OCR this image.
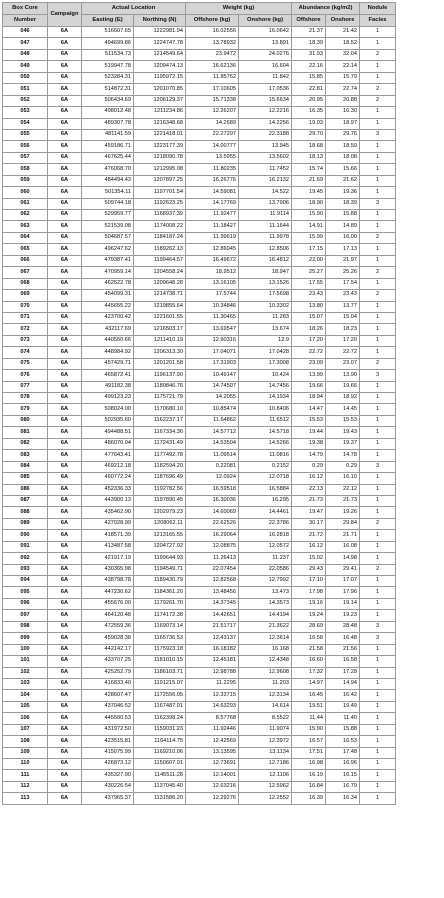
Box Core	Campaign	Actual Location		Weight (kg)		Abundance (kg/m2)		Nodule
Number		Easting (E)	Northing (N)	Offshore (kg)	Onshore (kg)	Offshore	Onshore	Facies
046	6A	516607.65	1222981.94	16.02556	16.0642	21.37	21.42	1
047	6A	494699.86	1224747.78	13.78932	13.891	18.39	18.52	1
048	6A	511534.73	1214549.64	23.9472	24.0276	31.93	32.04	2
049	6A	519947.78	1209474.13	16.62136	16.604	22.16	22.14	1
050	6A	523284.31	1195972.15	11.85762	11.842	15.85	15.79	1
051	6A	514872.31	1201070.85	17.10605	17.0536	22.81	22.74	2
052	6A	506434.69	1206129.37	15.71338	15.6634	20.95	20.88	2
053	6A	498012.48	1211234.86	12.26207	12.2216	16.35	16.30	1
054	6A	489307.78	1216348.68	14.2689	14.2256	19.03	18.97	1
055	6A	481141.59	1221418.01	22.27297	22.3188	29.70	29.76	3
056	6A	459186.71	1223177.39	14.00777	13.945	18.68	18.59	1
057	6A	467625.44	1218090.78	13.5955	13.5602	18.13	18.08	1
058	6A	476068.70	1212995.08	11.80235	11.7452	15.74	15.66	1
059	6A	484494.43	1207897.25	16.26776	16.2132	21.69	21.62	1
060	6A	501354.11	1197701.54	14.59081	14.522	19.45	19.36	1
061	6A	509744.18	1192623.25	14.17769	13.7906	18.90	18.39	3
062	6A	529959.77	1168937.39	11.92477	11.9114	15.90	15.88	1
063	6A	521539.08	1174008.22	11.18427	11.1644	14.91	14.89	1
064	6A	504687.57	1184187.24	11.99619	11.9978	15.99	16.00	2
065	6A	496247.62	1189262.13	12.86045	12.8506	17.15	17.13	1
066	6A	479387.41	1199464.57	16.49672	16.4812	22.00	21.97	1
067	6A	470959.14	1204558.24	18.9512	18.947	25.27	25.26	2
068	6A	462522.78	1209648.28	13.16105	13.1526	17.55	17.54	1
069	6A	454099.31	1214738.71	17.5744	17.5698	23.43	23.43	2
070	6A	445655.22	1219855.64	10.34846	10.3302	13.80	13.77	1
071	6A	423700.42	1221601.55	11.30465	11.283	15.07	15.04	1
072	6A	432117.69	1216503.17	13.69547	13.674	18.26	18.23	1
073	6A	440560.66	1211410.19	12.90316	12.9	17.20	17.20	1
074	6A	448984.92	1206313.30	17.04071	17.0428	22.72	22.72	1
075	6A	457429.71	1201201.58	17.31903	17.3008	23.09	23.07	2
076	6A	465872.41	1196137.90	10.49147	10.424	13.99	13.90	3
077	6A	491182.38	1180846.76	14.74507	14.7456	19.66	19.66	1
078	6A	499123.23	1175721.79	14.2055	14.1934	18.94	18.92	1
079	6A	508024.00	1170680.10	10.85474	10.8406	14.47	14.45	1
080	6A	502935.60	1162237.17	11.64862	11.6512	15.53	15.53	1
081	6A	494488.51	1167334.36	14.57712	14.5718	19.44	19.43	1
082	6A	486070.94	1172431.49	14.53504	14.5266	19.38	19.37	1
083	6A	477643.41	1177492.78	11.09514	11.0816	14.79	14.78	1
084	6A	469212.18	1182594.20	0.22081	0.2152	0.29	0.29	3
085	6A	460772.24	1187696.49	12.0924	12.0718	16.12	16.10	1
086	6A	452336.33	1192782.56	16.59518	16.5884	22.13	22.12	1
087	6A	443900.13	1197890.45	16.30036	16.295	21.73	21.73	1
088	6A	435462.90	1202979.23	14.60069	14.4461	19.47	19.26	1
089	6A	427028.99	1208062.11	22.62526	22.3786	30.17	29.84	2
090	6A	418571.39	1213165.55	16.29064	16.2818	21.72	21.71	1
091	6A	413487.58	1204727.92	12.08875	12.0572	16.12	16.08	1
092	6A	421917.19	1199644.93	11.26413	11.237	15.02	14.98	1
093	6A	430365.98	1194549.71	22.07454	22.0586	29.43	29.41	2
094	6A	438798.78	1189430.79	12.82568	12.7992	17.10	17.07	1
095	6A	447230.62	1184361.20	13.48456	13.473	17.98	17.96	1
096	6A	455676.00	1179261.70	14.37345	14.3573	19.16	19.14	1
097	6A	464120.48	1174172.38	14.42651	14.4194	19.24	19.23	1
098	6A	472559.36	1169073.14	21.51717	21.3622	28.69	28.48	3
099	6A	459028.38	1165736.53	12.43137	12.3614	16.58	16.48	3
100	6A	442142.17	1175923.18	16.18182	16.168	21.58	21.56	1
101	6A	433707.25	1181010.15	12.45181	12.4348	16.60	16.58	1
102	6A	425252.79	1186103.71	12.98788	12.9608	17.32	17.28	1
103	6A	416833.40	1191215.07	11.2295	11.203	14.97	14.94	1
104	6A	428607.47	1172556.05	12.33715	12.3134	16.45	16.42	1
105	6A	437046.52	1167487.01	14.63293	14.614	19.51	19.49	1
106	6A	445500.53	1162398.24	8.57768	8.5522	11.44	11.40	1
107	6A	431972.50	1159031.23	11.92446	11.9074	15.90	15.88	1
108	6A	423515.81	1164114.75	12.42569	12.3972	16.57	16.53	1
109	6A	415075.99	1169210.06	13.13595	13.1134	17.51	17.48	1
110	6A	426873.12	1150607.91	12.73691	12.7186	16.98	16.96	1
111	6A	435327.90	1145511.28	12.14001	12.1106	16.19	16.15	1
112	6A	430226.54	1137045.40	12.63216	12.5962	16.84	16.79	1
113	6A	437965.37	1131586.20	12.29276	12.2552	16.39	16.34	1
